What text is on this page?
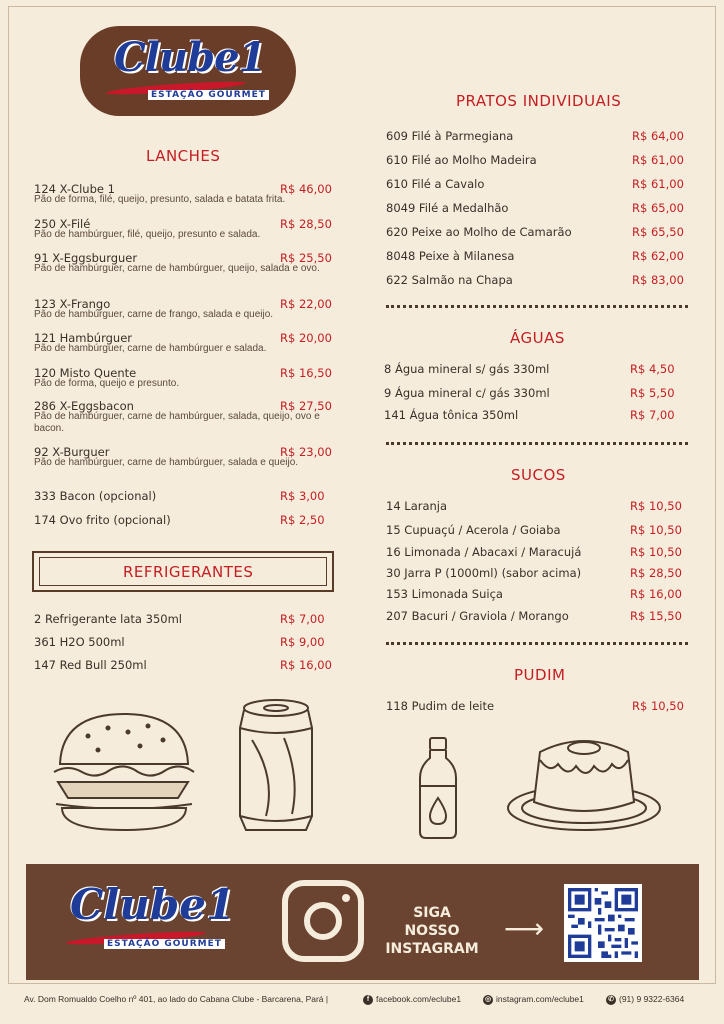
Clube1
ESTAÇÃO GOURMET
LANCHES
124 X-Clube 1	R$ 46,00
Pão de forma, filé, queijo, presunto, salada e batata frita.
250 X-Filé	R$ 28,50
Pão de hambúrguer, filé, queijo, presunto e salada.
91 X-Eggsburguer	R$ 25,50
Pão de hambúrguer, carne de hambúrguer, queijo, salada e ovo.
123 X-Frango	R$ 22,00
Pão de hambúrguer, carne de frango, salada e queijo.
121 Hambúrguer	R$ 20,00
Pão de hambúrguer, carne de hambúrguer e salada.
120 Misto Quente	R$ 16,50
Pão de forma, queijo e presunto.
286 X-Eggsbacon	R$ 27,50
Pão de hambúrguer, carne de hambúrguer, salada, queijo, ovo e bacon.
92 X-Burguer	R$ 23,00
Pão de hambúrguer, carne de hambúrguer, salada e queijo.
333 Bacon (opcional)	R$ 3,00
174 Ovo frito (opcional)	R$ 2,50
REFRIGERANTES
2 Refrigerante lata 350ml	R$ 7,00
361 H2O 500ml	R$ 9,00
147 Red Bull 250ml	R$ 16,00
PRATOS INDIVIDUAIS
609 Filé à Parmegiana	R$ 64,00
610 Filé ao Molho Madeira	R$ 61,00
610 Filé a Cavalo	R$ 61,00
8049 Filé a Medalhão	R$ 65,00
620 Peixe ao Molho de Camarão	R$ 65,50
8048 Peixe à Milanesa	R$ 62,00
622 Salmão na Chapa	R$ 83,00
ÁGUAS
8 Água mineral s/ gás 330ml	R$ 4,50
9 Água mineral c/ gás 330ml	R$ 5,50
141 Água tônica 350ml	R$ 7,00
SUCOS
14 Laranja	R$ 10,50
15 Cupuaçú / Acerola / Goiaba	R$ 10,50
16 Limonada / Abacaxi / Maracujá	R$ 10,50
30 Jarra P (1000ml) (sabor acima)	R$ 28,50
153 Limonada Suiça	R$ 16,00
207 Bacuri / Graviola / Morango	R$ 15,50
PUDIM
118 Pudim de leite	R$ 10,50
Clube1
ESTAÇÃO GOURMET
SIGA NOSSO INSTAGRAM
⟶
Av. Dom Romualdo Coelho nº 401, ao lado do Cabana Clube - Barcarena, Pará |	f facebook.com/eclube1	◎ instagram.com/eclube1	✆ (91) 9 9322-6364
